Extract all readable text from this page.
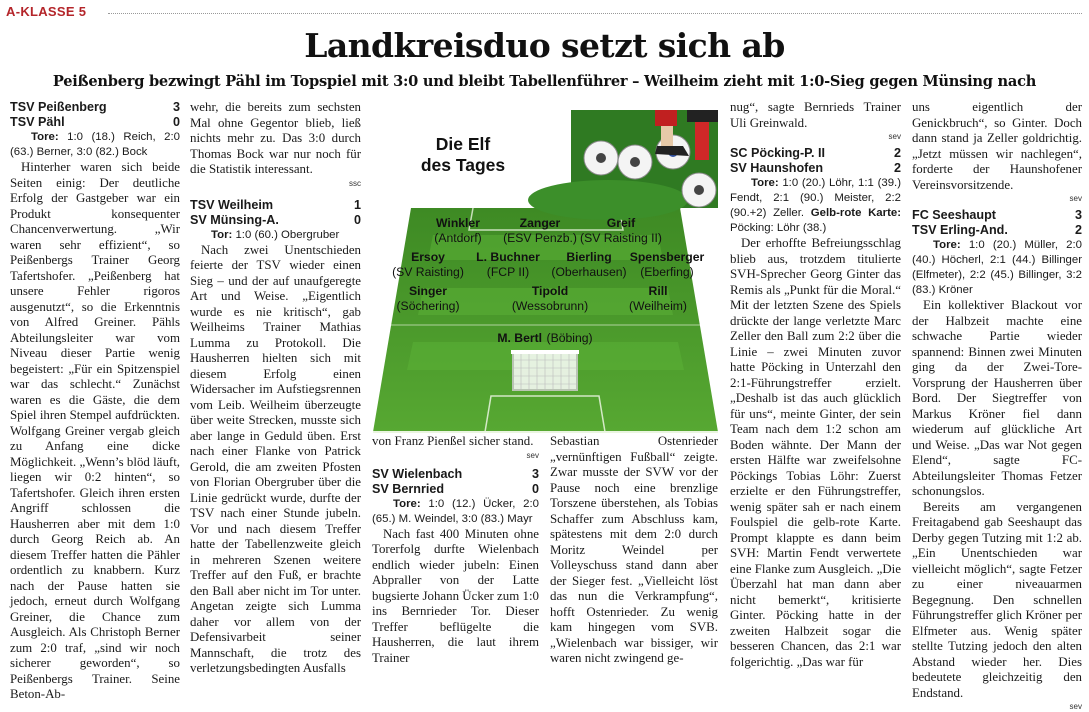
A-KLASSE 5
Landkreisduo setzt sich ab
Peißenberg bezwingt Pähl im Topspiel mit 3:0 und bleibt Tabellenführer – Weilheim zieht mit 1:0-Sieg gegen Münsing nach
TSV Peißenberg	3
TSV Pähl	0

Tore: 1:0 (18.) Reich, 2:0 (63.) Berner, 3:0 (82.) Bock

Hinterher waren sich beide Seiten einig: Der deutliche Erfolg der Gastgeber war ein Produkt konsequenter Chancenverwertung. „Wir waren sehr effizient“, so Peißenbergs Trainer Georg Tafertshofer. „Peißenberg hat unsere Fehler rigoros ausgenutzt“, so die Erkenntnis von Alfred Greiner. Pähls Abteilungsleiter war vom Niveau dieser Partie wenig begeistert: „Für ein Spitzenspiel war das schlecht.“ Zunächst waren es die Gäste, die dem Spiel ihren Stempel aufdrückten. Wolfgang Greiner vergab gleich zu Anfang eine dicke Möglichkeit. „Wenn’s blöd läuft, liegen wir 0:2 hinten“, so Tafertshofer. Gleich ihren ersten Angriff schlossen die Hausherren aber mit dem 1:0 durch Georg Reich ab. An diesem Treffer hatten die Pähler ordentlich zu knabbern. Kurz nach der Pause hatten sie jedoch, erneut durch Wolfgang Greiner, die Chance zum Ausgleich. Als Christoph Berner zum 2:0 traf, „sind wir noch sicherer geworden“, so Peißenbergs Trainer. Seine Beton-Ab-

wehr, die bereits zum sechsten Mal ohne Gegentor blieb, ließ nichts mehr zu. Das 3:0 durch Thomas Bock war nur noch für die Statistik interessant.

ssc
TSV Weilheim	1
SV Münsing-A.	0

Tor: 1:0 (60.) Obergruber

Nach zwei Unentschieden feierte der TSV wieder einen Sieg – und der auf unaufgeregte Art und Weise. „Eigentlich wurde es nie kritisch“, gab Weilheims Trainer Mathias Lumma zu Protokoll. Die Hausherren hielten sich mit diesem Erfolg einen Widersacher im Aufstiegsrennen vom Leib. Weilheim überzeugte über weite Strecken, musste sich aber lange in Geduld üben. Erst nach einer Flanke von Patrick Gerold, die am zweiten Pfosten von Florian Obergruber über die Linie gedrückt wurde, durfte der TSV nach einer Stunde jubeln. Vor und nach diesem Treffer hatte der Tabellenzweite gleich in mehreren Szenen weitere Treffer auf den Fuß, er brachte den Ball aber nicht im Tor unter. Angetan zeigte sich Lumma daher vor allem von der Defensivarbeit seiner Mannschaft, die trotz des verletzungsbedingten Ausfalls

Die Elf
des Tages
Winkler
(Antdorf)
Zanger
(ESV Penzb.)
Greif
(SV Raisting II)
Ersoy
(SV Raisting)
L. Buchner
(FCP II)
Bierling
(Oberhausen)
Spensberger
(Eberfing)
Singer
(Söchering)
Tipold
(Wessobrunn)
Rill
(Weilheim)
M. Bertl (Böbing)

von Franz Pienßel sicher stand.

sev
SV Wielenbach	3
SV Bernried	0

Tore: 1:0 (12.) Ücker, 2:0 (65.) M. Weindel, 3:0 (83.) Mayr

Nach fast 400 Minuten ohne Torerfolg durfte Wielenbach endlich wieder jubeln: Einen Abpraller von der Latte bugsierte Johann Ücker zum 1:0 ins Bernrieder Tor. Dieser Treffer beflügelte die Hausherren, die laut ihrem Trainer

Sebastian Ostenrieder „vernünftigen Fußball“ zeigte. Zwar musste der SVW vor der Pause noch eine brenzlige Torszene überstehen, als Tobias Schaffer zum Abschluss kam, spätestens mit dem 2:0 durch Moritz Weindel per Volleyschuss stand dann aber der Sieger fest. „Vielleicht löst das nun die Verkrampfung“, hofft Ostenrieder. Zu wenig kam hingegen vom SVB. „Wielenbach war bissiger, wir waren nicht zwingend ge-

nug“, sagte Bernrieds Trainer Uli Greinwald.

sev
SC Pöcking-P. II	2
SV Haunshofen	2

Tore: 1:0 (20.) Löhr, 1:1 (39.) Fendt, 2:1 (90.) Meister, 2:2 (90.+2) Zeller. Gelb-rote Karte: Pöcking: Löhr (38.)

Der erhoffte Befreiungsschlag blieb aus, trotzdem titulierte SVH-Sprecher Georg Ginter das Remis als „Punkt für die Moral.“ Mit der letzten Szene des Spiels drückte der lange verletzte Marc Zeller den Ball zum 2:2 über die Linie – zwei Minuten zuvor hatte Pöcking in Unterzahl den 2:1-Führungstreffer erzielt. „Deshalb ist das auch glücklich für uns“, meinte Ginter, der sein Team nach dem 1:2 schon am Boden wähnte. Der Mann der ersten Hälfte war zweifelsohne Pöckings Tobias Löhr: Zuerst erzielte er den Führungstreffer, wenig später sah er nach einem Foulspiel die gelb-rote Karte. Prompt klappte es dann beim SVH: Martin Fendt verwertete eine Flanke zum Ausgleich. „Die Überzahl hat man dann aber nicht bemerkt“, kritisierte Ginter. Pöcking hatte in der zweiten Halbzeit sogar die besseren Chancen, das 2:1 war folgerichtig. „Das war für

uns eigentlich der Genickbruch“, so Ginter. Doch dann stand ja Zeller goldrichtig. „Jetzt müssen wir nachlegen“, forderte der Haunshofener Vereinsvorsitzende.

sev
FC Seeshaupt	3
TSV Erling-And.	2

Tore: 1:0 (20.) Müller, 2:0 (40.) Höcherl, 2:1 (44.) Billinger (Elfmeter), 2:2 (45.) Billinger, 3:2 (83.) Kröner

Ein kollektiver Blackout vor der Halbzeit machte eine schwache Partie wieder spannend: Binnen zwei Minuten ging da der Zwei-Tore-Vorsprung der Hausherren über Bord. Der Siegtreffer von Markus Kröner fiel dann wiederum auf glückliche Art und Weise. „Das war Not gegen Elend“, sagte FC-Abteilungsleiter Thomas Fetzer schonungslos.

Bereits am vergangenen Freitagabend gab Seeshaupt das Derby gegen Tutzing mit 1:2 ab. „Ein Unentschieden war vielleicht möglich“, sagte Fetzer zu einer niveauarmen Begegnung. Den schnellen Führungstreffer glich Kröner per Elfmeter aus. Wenig später stellte Tutzing jedoch den alten Abstand wieder her. Dies bedeutete gleichzeitig den Endstand.

sev
